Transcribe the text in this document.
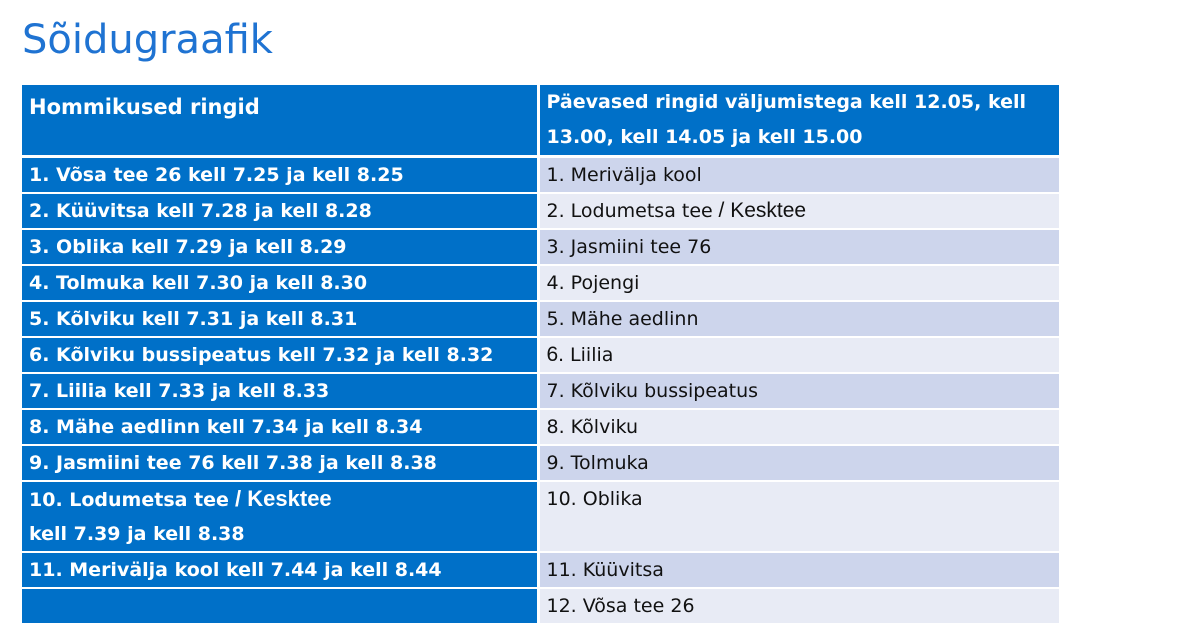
Sõidugraafik
Hommikused ringid	Päevased ringid väljumistega kell 12.05, kell 13.00, kell 14.05 ja kell 15.00
1. Võsa tee 26 kell 7.25 ja kell 8.25	1. Merivälja kool
2. Küüvitsa kell 7.28 ja kell 8.28	2. Lodumetsa tee / Kesktee
3. Oblika kell 7.29 ja kell 8.29	3. Jasmiini tee 76
4. Tolmuka kell 7.30 ja kell 8.30	4. Pojengi
5. Kõlviku kell 7.31 ja kell 8.31	5. Mähe aedlinn
6. Kõlviku bussipeatus kell 7.32 ja kell 8.32	6. Liilia
7. Liilia kell 7.33 ja kell 8.33	7. Kõlviku bussipeatus
8. Mähe aedlinn kell 7.34 ja kell 8.34	8. Kõlviku
9. Jasmiini tee 76 kell 7.38 ja kell 8.38	9. Tolmuka
10. Lodumetsa tee / Kesktee
kell 7.39 ja kell 8.38	10. Oblika
11. Merivälja kool kell 7.44 ja kell 8.44	11. Küüvitsa
	12. Võsa tee 26
